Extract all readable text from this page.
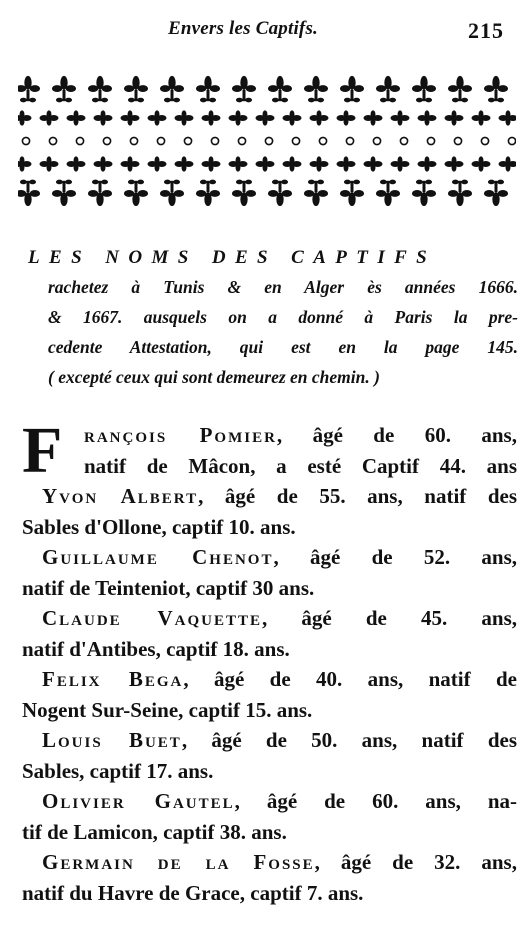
Envers les Captifs.	215
LES NOMS DES CAPTIFS
rachetez à Tunis & en Alger ès années 1666.
& 1667. ausquels on a donné à Paris la pre-
cedente Attestation, qui est en la page 145.
( excepté ceux qui sont demeurez en chemin. )
F	rançois Pomier, âgé de 60. ans,
natif de Mâcon, a esté Captif 44. ans
Yvon Albert, âgé de 55. ans, natif des
Sables d'Ollone, captif 10. ans.
Guillaume Chenot, âgé de 52. ans,
natif de Teinteniot, captif 30 ans.
Claude Vaquette, âgé de 45. ans,
natif d'Antibes, captif 18. ans.
Felix Bega, âgé de 40. ans, natif de
Nogent Sur-Seine, captif 15. ans.
Louis Buet, âgé de 50. ans, natif des
Sables, captif 17. ans.
Olivier Gautel, âgé de 60. ans, na-
tif de Lamicon, captif 38. ans.
Germain de la Fosse, âgé de 32. ans,
natif du Havre de Grace, captif 7. ans.
